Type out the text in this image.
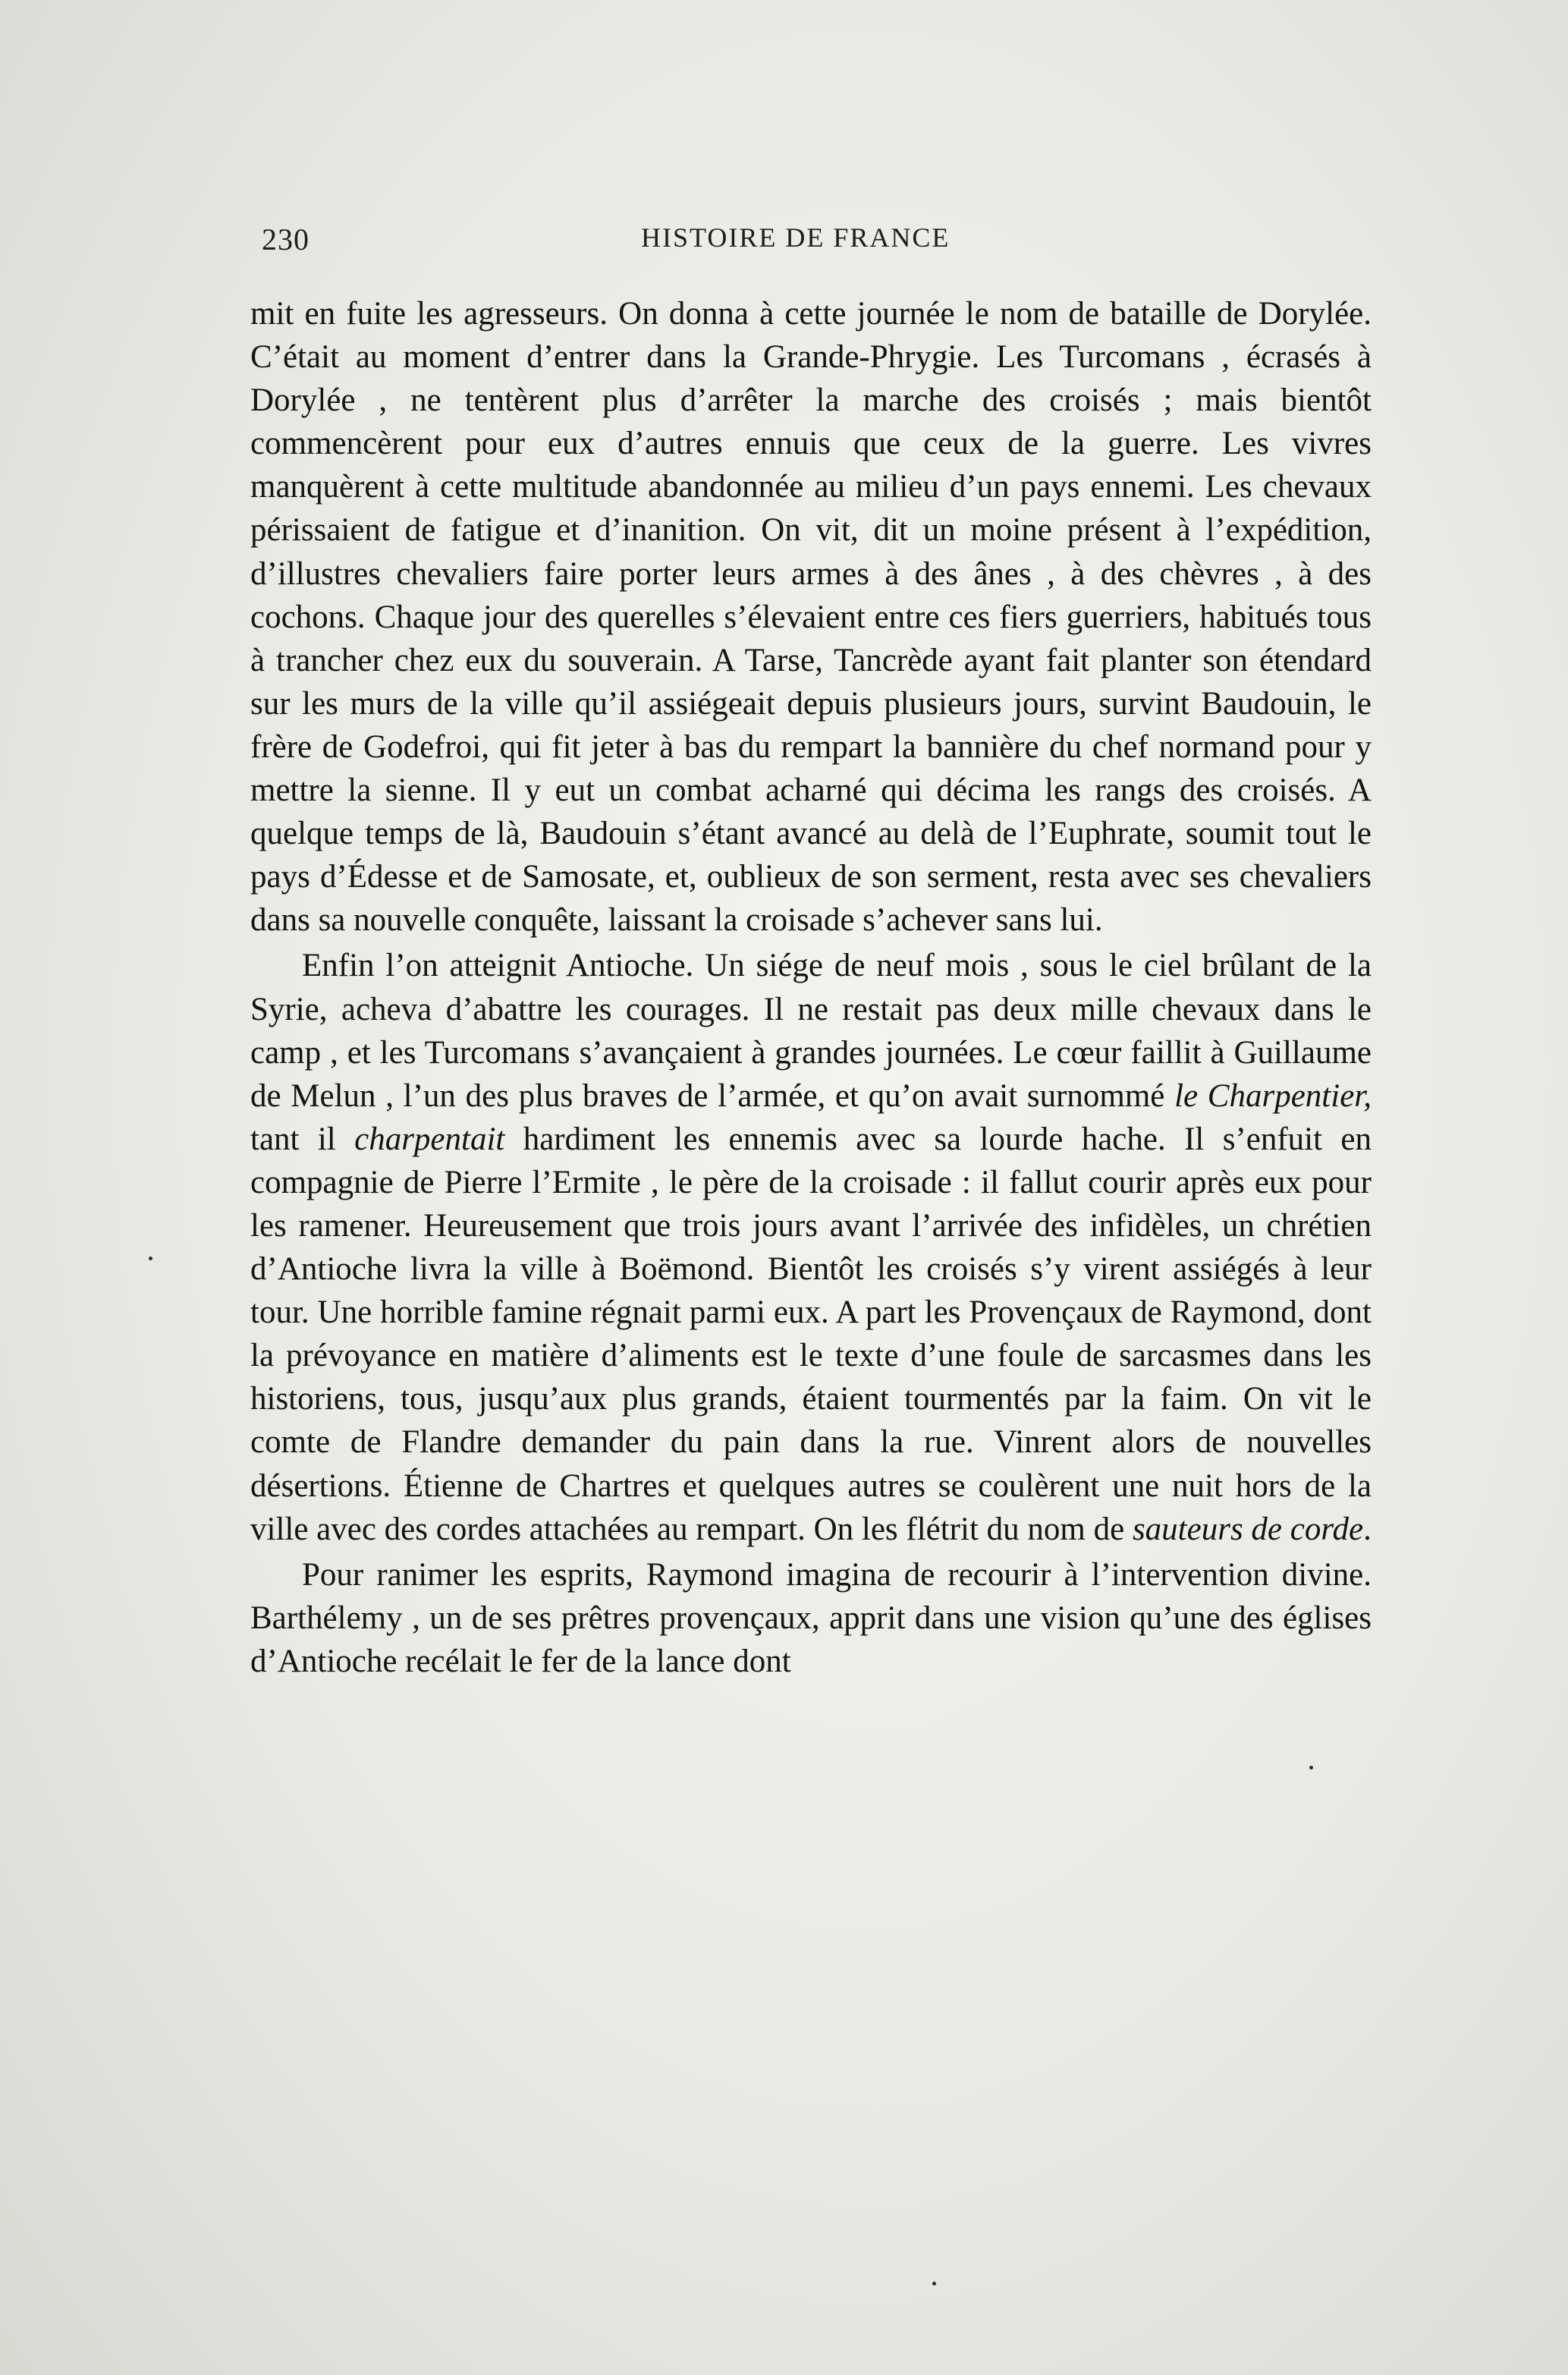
230	HISTOIRE DE FRANCE

mit en fuite les agresseurs. On donna à cette journée le nom de bataille de Dorylée. C’était au moment d’entrer dans la Grande-Phrygie. Les Turcomans , écrasés à Dorylée , ne tentèrent plus d’arrêter la marche des croisés ; mais bientôt commencèrent pour eux d’autres ennuis que ceux de la guerre. Les vivres manquèrent à cette multitude abandonnée au milieu d’un pays ennemi. Les chevaux périssaient de fatigue et d’inanition. On vit, dit un moine présent à l’expédition, d’illustres chevaliers faire porter leurs armes à des ânes , à des chèvres , à des cochons. Chaque jour des querelles s’élevaient entre ces fiers guerriers, habitués tous à trancher chez eux du souverain. A Tarse, Tancrède ayant fait planter son étendard sur les murs de la ville qu’il assiégeait depuis plusieurs jours, survint Baudouin, le frère de Godefroi, qui fit jeter à bas du rempart la bannière du chef normand pour y mettre la sienne. Il y eut un combat acharné qui décima les rangs des croisés. A quelque temps de là, Baudouin s’étant avancé au delà de l’Euphrate, soumit tout le pays d’Édesse et de Samosate, et, oublieux de son serment, resta avec ses chevaliers dans sa nouvelle conquête, laissant la croisade s’achever sans lui.

Enfin l’on atteignit Antioche. Un siége de neuf mois , sous le ciel brûlant de la Syrie, acheva d’abattre les courages. Il ne restait pas deux mille chevaux dans le camp , et les Turcomans s’avançaient à grandes journées. Le cœur faillit à Guillaume de Melun , l’un des plus braves de l’armée, et qu’on avait surnommé le Charpentier, tant il charpentait hardiment les ennemis avec sa lourde hache. Il s’enfuit en compagnie de Pierre l’Ermite , le père de la croisade : il fallut courir après eux pour les ramener. Heureusement que trois jours avant l’arrivée des infidèles, un chrétien d’Antioche livra la ville à Boëmond. Bientôt les croisés s’y virent assiégés à leur tour. Une horrible famine régnait parmi eux. A part les Provençaux de Raymond, dont la prévoyance en matière d’aliments est le texte d’une foule de sarcasmes dans les historiens, tous, jusqu’aux plus grands, étaient tourmentés par la faim. On vit le comte de Flandre demander du pain dans la rue. Vinrent alors de nouvelles désertions. Étienne de Chartres et quelques autres se coulèrent une nuit hors de la ville avec des cordes attachées au rempart. On les flétrit du nom de sauteurs de corde.

Pour ranimer les esprits, Raymond imagina de recourir à l’intervention divine. Barthélemy , un de ses prêtres provençaux, apprit dans une vision qu’une des églises d’Antioche recélait le fer de la lance dont
